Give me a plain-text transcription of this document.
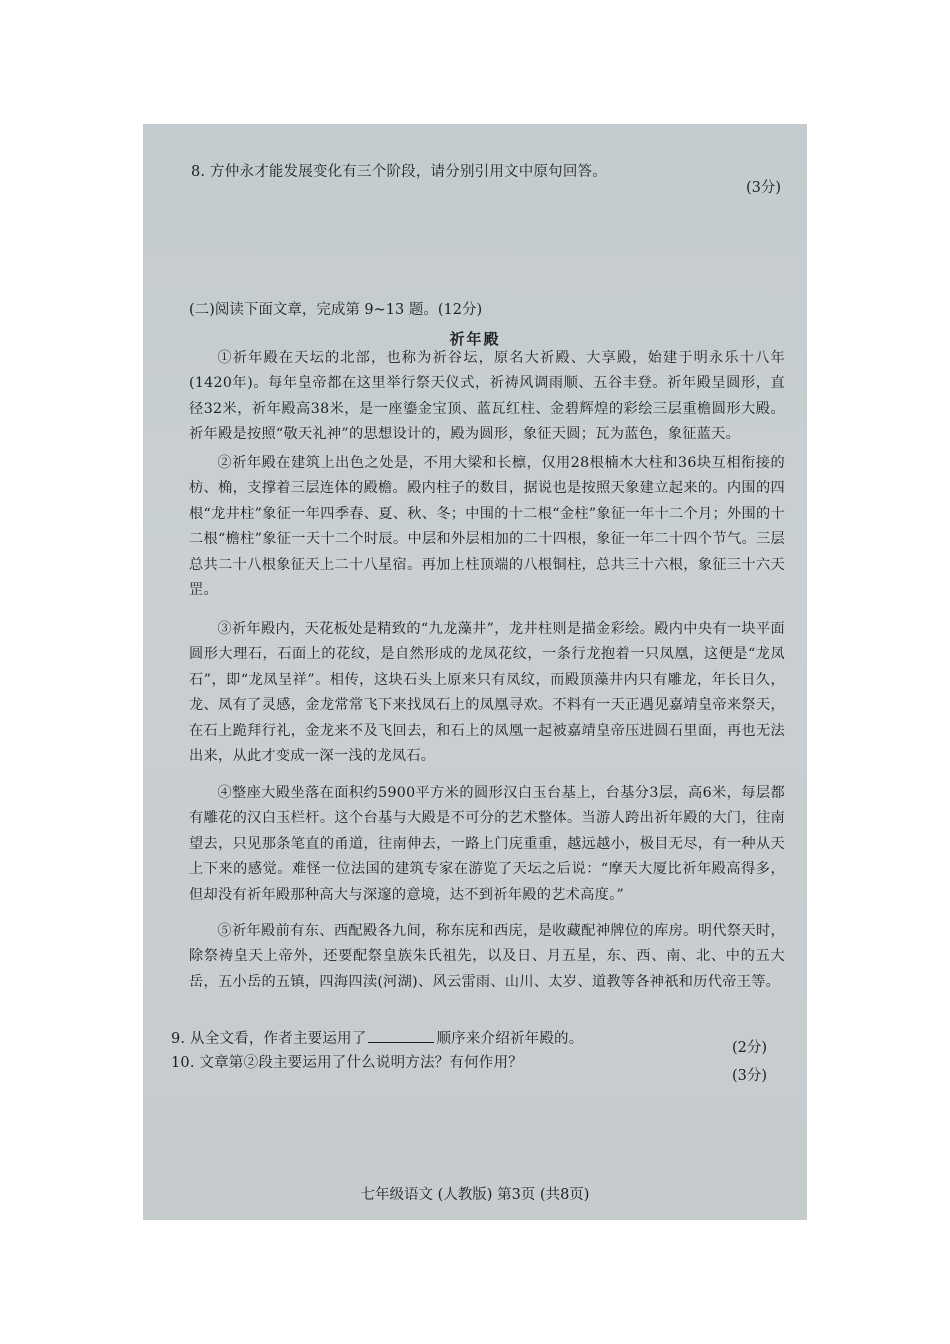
8. 方仲永才能发展变化有三个阶段，请分别引用文中原句回答。
(3分)
(二)阅读下面文章，完成第 9~13 题。(12分)
祈年殿
①祈年殿在天坛的北部，也称为祈谷坛，原名大祈殿、大享殿，始建于明永乐十八年(1420年)。每年皇帝都在这里举行祭天仪式，祈祷风调雨顺、五谷丰登。祈年殿呈圆形，直径32米，祈年殿高38米，是一座鎏金宝顶、蓝瓦红柱、金碧辉煌的彩绘三层重檐圆形大殿。祈年殿是按照“敬天礼神”的思想设计的，殿为圆形，象征天圆；瓦为蓝色，象征蓝天。
②祈年殿在建筑上出色之处是，不用大梁和长檩，仅用28根楠木大柱和36块互相衔接的枋、桷，支撑着三层连体的殿檐。殿内柱子的数目，据说也是按照天象建立起来的。内围的四根“龙井柱”象征一年四季春、夏、秋、冬；中围的十二根“金柱”象征一年十二个月；外围的十二根“檐柱”象征一天十二个时辰。中层和外层相加的二十四根，象征一年二十四个节气。三层总共二十八根象征天上二十八星宿。再加上柱顶端的八根铜柱，总共三十六根，象征三十六天罡。
③祈年殿内，天花板处是精致的“九龙藻井”，龙井柱则是描金彩绘。殿内中央有一块平面圆形大理石，石面上的花纹，是自然形成的龙凤花纹，一条行龙抱着一只凤凰，这便是“龙凤石”，即“龙凤呈祥”。相传，这块石头上原来只有凤纹，而殿顶藻井内只有雕龙，年长日久，龙、凤有了灵感，金龙常常飞下来找凤石上的凤凰寻欢。不料有一天正遇见嘉靖皇帝来祭天，在石上跪拜行礼，金龙来不及飞回去，和石上的凤凰一起被嘉靖皇帝压进圆石里面，再也无法出来，从此才变成一深一浅的龙凤石。
④整座大殿坐落在面积约5900平方米的圆形汉白玉台基上，台基分3层，高6米，每层都有雕花的汉白玉栏杆。这个台基与大殿是不可分的艺术整体。当游人跨出祈年殿的大门，往南望去，只见那条笔直的甬道，往南伸去，一路上门庑重重，越远越小，极目无尽，有一种从天上下来的感觉。难怪一位法国的建筑专家在游览了天坛之后说：“摩天大厦比祈年殿高得多，但却没有祈年殿那种高大与深邃的意境，达不到祈年殿的艺术高度。”
⑤祈年殿前有东、西配殿各九间，称东庑和西庑，是收藏配神牌位的库房。明代祭天时，除祭祷皇天上帝外，还要配祭皇族朱氏祖先，以及日、月五星，东、西、南、北、中的五大岳，五小岳的五镇，四海四渎(河湖)、风云雷雨、山川、太岁、道教等各神祇和历代帝王等。
9. 从全文看，作者主要运用了	顺序来介绍祈年殿的。
(2分)
10. 文章第②段主要运用了什么说明方法？有何作用？
(3分)
七年级语文 (人教版) 第3页 (共8页)
